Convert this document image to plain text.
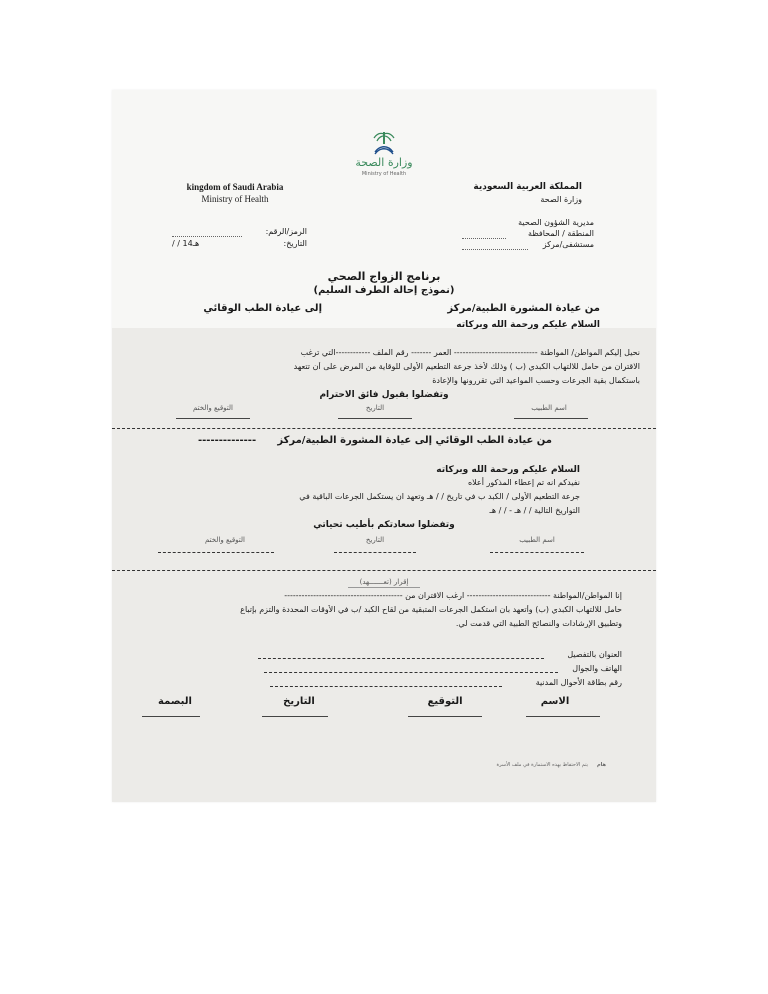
وزارة الصحة
Ministry of Health
kingdom of Saudi Arabia
Ministry of Health
المملكة العربية السعودية
وزارة الصحة
مديرية الشؤون الصحية
المنطقة / المحافظة
مستشفى/مركز
الرمز/الرقم:
التاريخ:
/ / 14هـ
برنامج الزواج الصحي
(نموذج إحالة الطرف السليم)
من عيادة المشورة الطبية/مركز
إلى عيادة الطب الوقائي
السلام عليكم ورحمة الله وبركاته
نحيل إليكم المواطن/ المواطنة ----------------------------- العمر ------- رقم الملف ------------التي ترغب
الاقتران من حامل للالتهاب الكبدي (ب ) وذلك لأخذ جرعة التطعيم الأولى للوقاية من المرض على أن تتعهد
باستكمال بقية الجرعات وحسب المواعيد التي تقررونها والإعادة
وتفضلوا بقبول فائق الاحترام
اسم الطبيب
التاريخ
التوقيع والختم
من عيادة الطب الوقائي إلى عيادة المشورة الطبية/مركز
--------------
السلام عليكم ورحمة الله وبركاته
نفيدكم انه تم إعطاء المذكور أعلاه
جرعة التطعيم الأولى / الكبد ب في تاريخ / / هـ وتعهد ان يستكمل الجرعات الباقية في
التواريخ التالية / / هـ - / / هـ
وتفضلوا سعادتكم بأطيب تحياتي
اسم الطبيب
التاريخ
التوقيع والختم
إقرار (تعـــــــهد)
إنا المواطن/المواطنة ----------------------------- ارغب الاقتران من -----------------------------------------
حامل للالتهاب الكبدي (ب) وأتعهد بان استكمل الجرعات المتبقية من لقاح الكبد /ب في الأوقات المحددة والتزم بإتباع
وتطبيق الإرشادات والنصائح الطبية التي قدمت لي.
العنوان بالتفصيل
الهاتف والجوال
رقم بطاقة الأحوال المدنية
الاسم
التوقيع
التاريخ
البصمة
يتم الاحتفاظ بهذه الاستمارة في ملف الأسرة	هام
